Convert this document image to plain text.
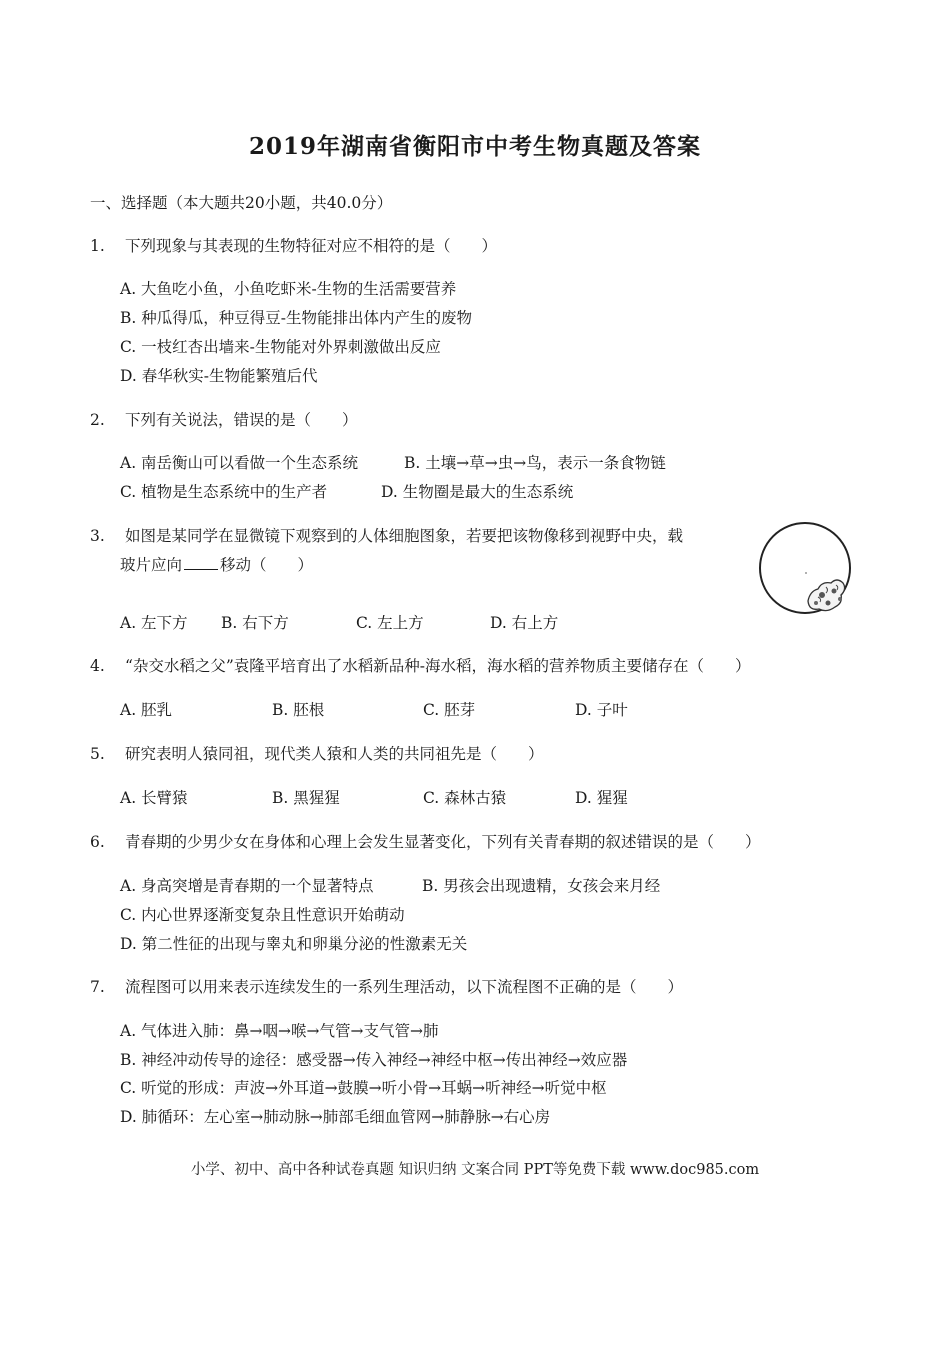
2019年湖南省衡阳市中考生物真题及答案
一、选择题（本大题共20小题，共40.0分）
1. 下列现象与其表现的生物特征对应不相符的是（　　）
A. 大鱼吃小鱼，小鱼吃虾米-生物的生活需要营养
B. 种瓜得瓜，种豆得豆-生物能排出体内产生的废物
C. 一枝红杏出墙来-生物能对外界刺激做出反应
D. 春华秋实-生物能繁殖后代
2. 下列有关说法，错误的是（　　）
A. 南岳衡山可以看做一个生态系统	B. 土壤→草→虫→鸟，表示一条食物链
C. 植物是生态系统中的生产者	D. 生物圈是最大的生态系统
3. 如图是某同学在显微镜下观察到的人体细胞图象，若要把该物像移到视野中央，载
玻片应向 移动（　　）
A. 左下方 B. 右下方	C. 左上方	D. 右上方
4. “杂交水稻之父”袁隆平培育出了水稻新品种-海水稻，海水稻的营养物质主要储存在（　　）
A. 胚乳	B. 胚根	C. 胚芽	D. 子叶
5. 研究表明人猿同祖，现代类人猿和人类的共同祖先是（　　）
A. 长臂猿	B. 黑猩猩	C. 森林古猿	D. 猩猩
6. 青春期的少男少女在身体和心理上会发生显著变化，下列有关青春期的叙述错误的是（　　）
A. 身高突增是青春期的一个显著特点	B. 男孩会出现遗精，女孩会来月经
C. 内心世界逐渐变复杂且性意识开始萌动
D. 第二性征的出现与睾丸和卵巢分泌的性激素无关
7. 流程图可以用来表示连续发生的一系列生理活动，以下流程图不正确的是（　　）
A. 气体进入肺：鼻→咽→喉→气管→支气管→肺
B. 神经冲动传导的途径：感受器→传入神经→神经中枢→传出神经→效应器
C. 听觉的形成：声波→外耳道→鼓膜→听小骨→耳蜗→听神经→听觉中枢
D. 肺循环：左心室→肺动脉→肺部毛细血管网→肺静脉→右心房
小学、初中、高中各种试卷真题 知识归纳 文案合同 PPT等免费下载 www.doc985.com
